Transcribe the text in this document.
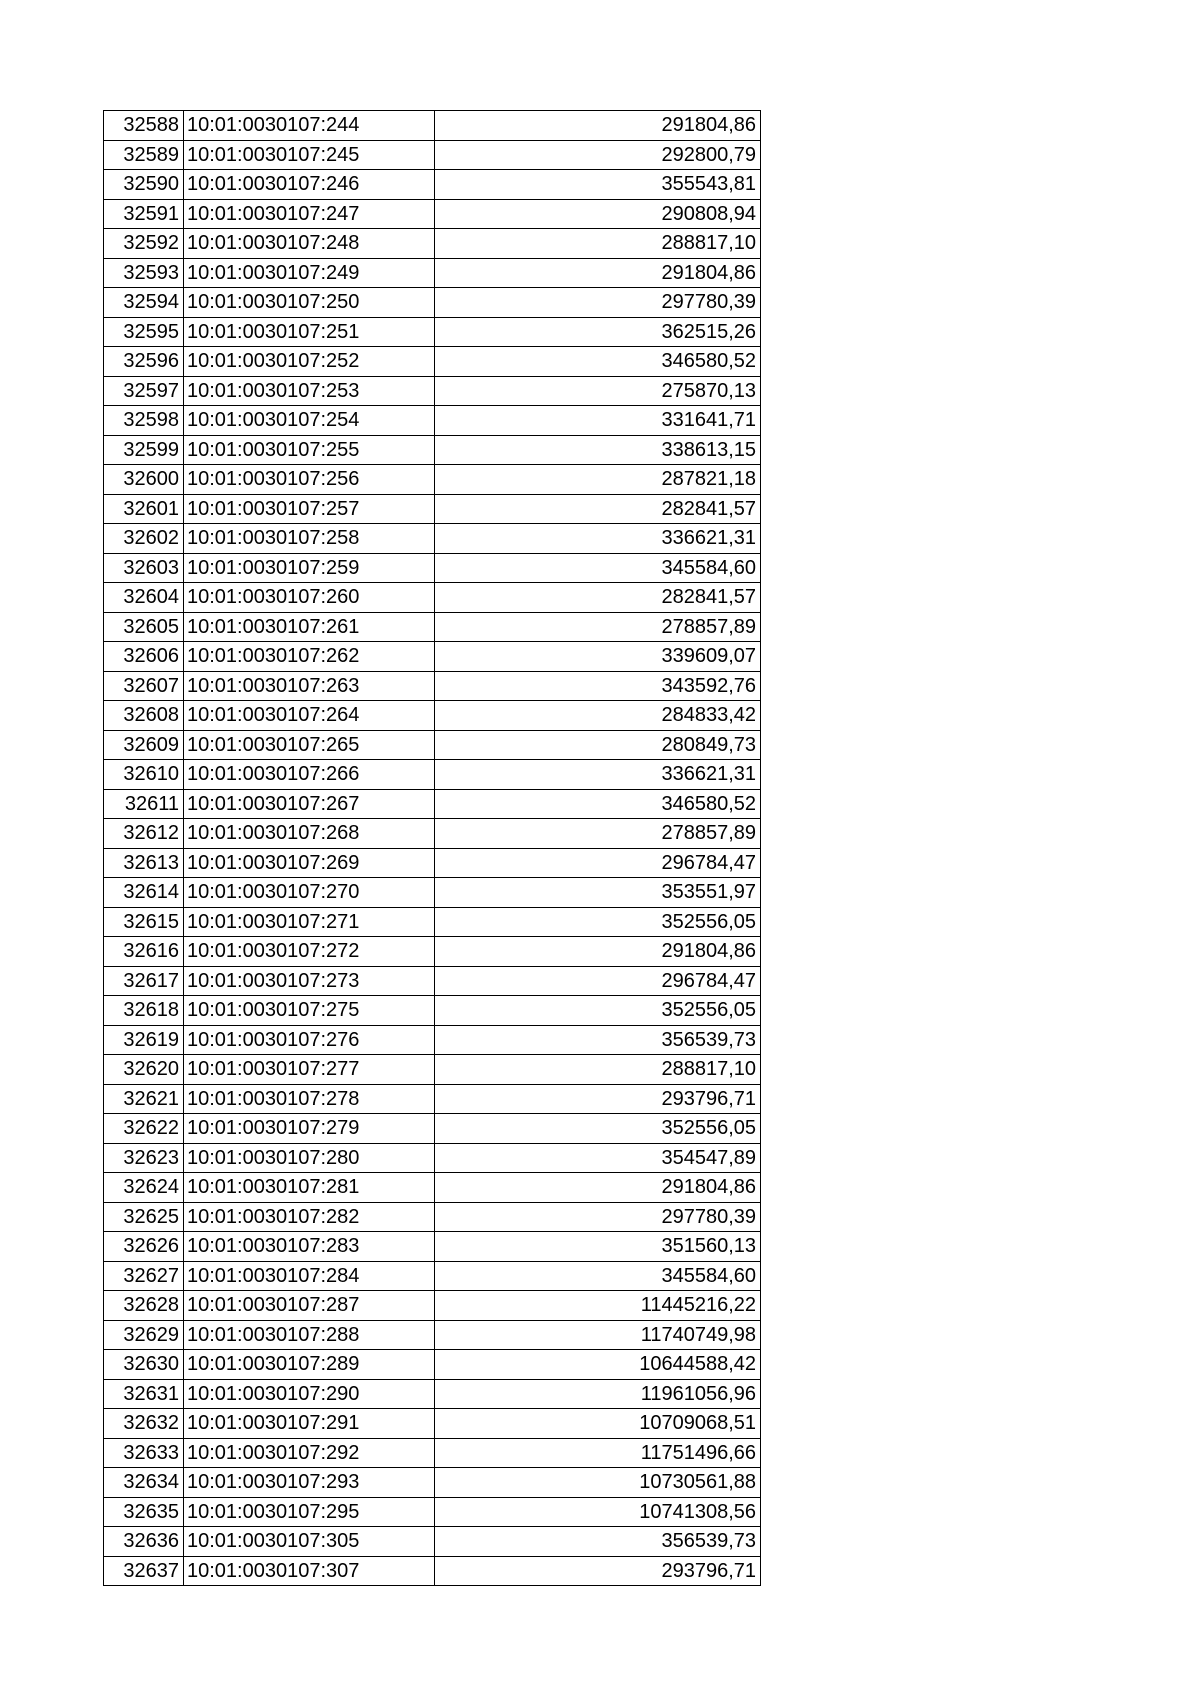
32588	10:01:0030107:244	291804,86
32589	10:01:0030107:245	292800,79
32590	10:01:0030107:246	355543,81
32591	10:01:0030107:247	290808,94
32592	10:01:0030107:248	288817,10
32593	10:01:0030107:249	291804,86
32594	10:01:0030107:250	297780,39
32595	10:01:0030107:251	362515,26
32596	10:01:0030107:252	346580,52
32597	10:01:0030107:253	275870,13
32598	10:01:0030107:254	331641,71
32599	10:01:0030107:255	338613,15
32600	10:01:0030107:256	287821,18
32601	10:01:0030107:257	282841,57
32602	10:01:0030107:258	336621,31
32603	10:01:0030107:259	345584,60
32604	10:01:0030107:260	282841,57
32605	10:01:0030107:261	278857,89
32606	10:01:0030107:262	339609,07
32607	10:01:0030107:263	343592,76
32608	10:01:0030107:264	284833,42
32609	10:01:0030107:265	280849,73
32610	10:01:0030107:266	336621,31
32611	10:01:0030107:267	346580,52
32612	10:01:0030107:268	278857,89
32613	10:01:0030107:269	296784,47
32614	10:01:0030107:270	353551,97
32615	10:01:0030107:271	352556,05
32616	10:01:0030107:272	291804,86
32617	10:01:0030107:273	296784,47
32618	10:01:0030107:275	352556,05
32619	10:01:0030107:276	356539,73
32620	10:01:0030107:277	288817,10
32621	10:01:0030107:278	293796,71
32622	10:01:0030107:279	352556,05
32623	10:01:0030107:280	354547,89
32624	10:01:0030107:281	291804,86
32625	10:01:0030107:282	297780,39
32626	10:01:0030107:283	351560,13
32627	10:01:0030107:284	345584,60
32628	10:01:0030107:287	11445216,22
32629	10:01:0030107:288	11740749,98
32630	10:01:0030107:289	10644588,42
32631	10:01:0030107:290	11961056,96
32632	10:01:0030107:291	10709068,51
32633	10:01:0030107:292	11751496,66
32634	10:01:0030107:293	10730561,88
32635	10:01:0030107:295	10741308,56
32636	10:01:0030107:305	356539,73
32637	10:01:0030107:307	293796,71
